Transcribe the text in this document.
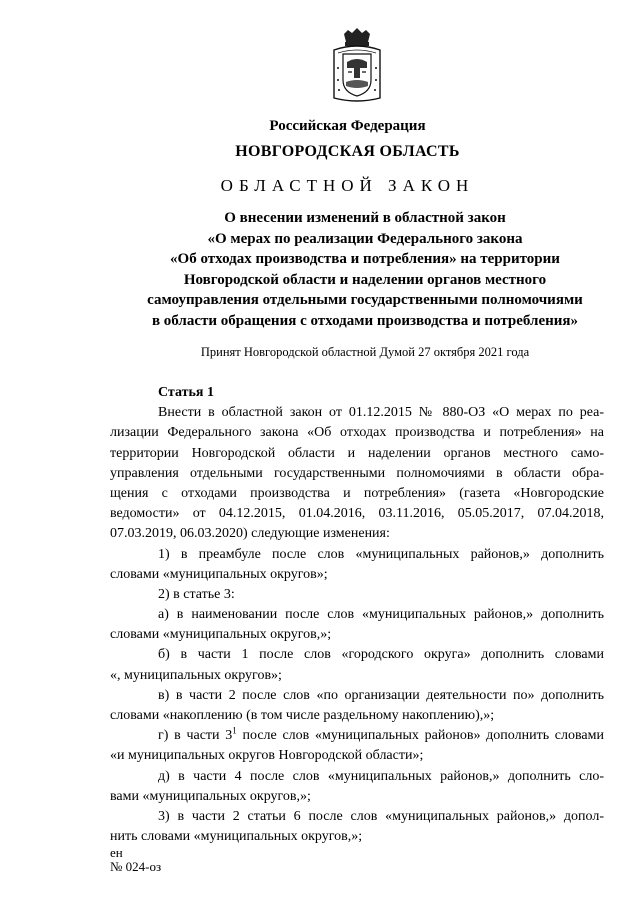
Российская Федерация
НОВГОРОДСКАЯ ОБЛАСТЬ
ОБЛАСТНОЙ ЗАКОН
О внесении изменений в областной закон
«О мерах по реализации Федерального закона
«Об отходах производства и потребления» на территории
Новгородской области и наделении органов местного
самоуправления отдельными государственными полномочиями
в области обращения с отходами производства и потребления»
Принят Новгородской областной Думой 27 октября 2021 года
Статья 1
Внести в областной закон от 01.12.2015 № 880-ОЗ «О мерах по реа-
лизации Федерального закона «Об отходах производства и потребления» на
территории Новгородской области и наделении органов местного само-
управления отдельными государственными полномочиями в области обра-
щения с отходами производства и потребления» (газета «Новгородские
ведомости» от 04.12.2015, 01.04.2016, 03.11.2016, 05.05.2017, 07.04.2018,
07.03.2019, 06.03.2020) следующие изменения:
1) в преамбуле после слов «муниципальных районов,» дополнить
словами «муниципальных округов»;
2) в статье 3:
а) в наименовании после слов «муниципальных районов,» дополнить
словами «муниципальных округов,»;
б) в части 1 после слов «городского округа» дополнить словами
«, муниципальных округов»;
в) в части 2 после слов «по организации деятельности по» дополнить
словами «накоплению (в том числе раздельному накоплению),»;
г) в части $3^1$ после слов «муниципальных районов» дополнить словами
«и муниципальных округов Новгородской области»;
д) в части 4 после слов «муниципальных районов,» дополнить сло-
вами «муниципальных округов,»;
3) в части 2 статьи 6 после слов «муниципальных районов,» допол-
нить словами «муниципальных округов,»;
ен
№ 024-оз
